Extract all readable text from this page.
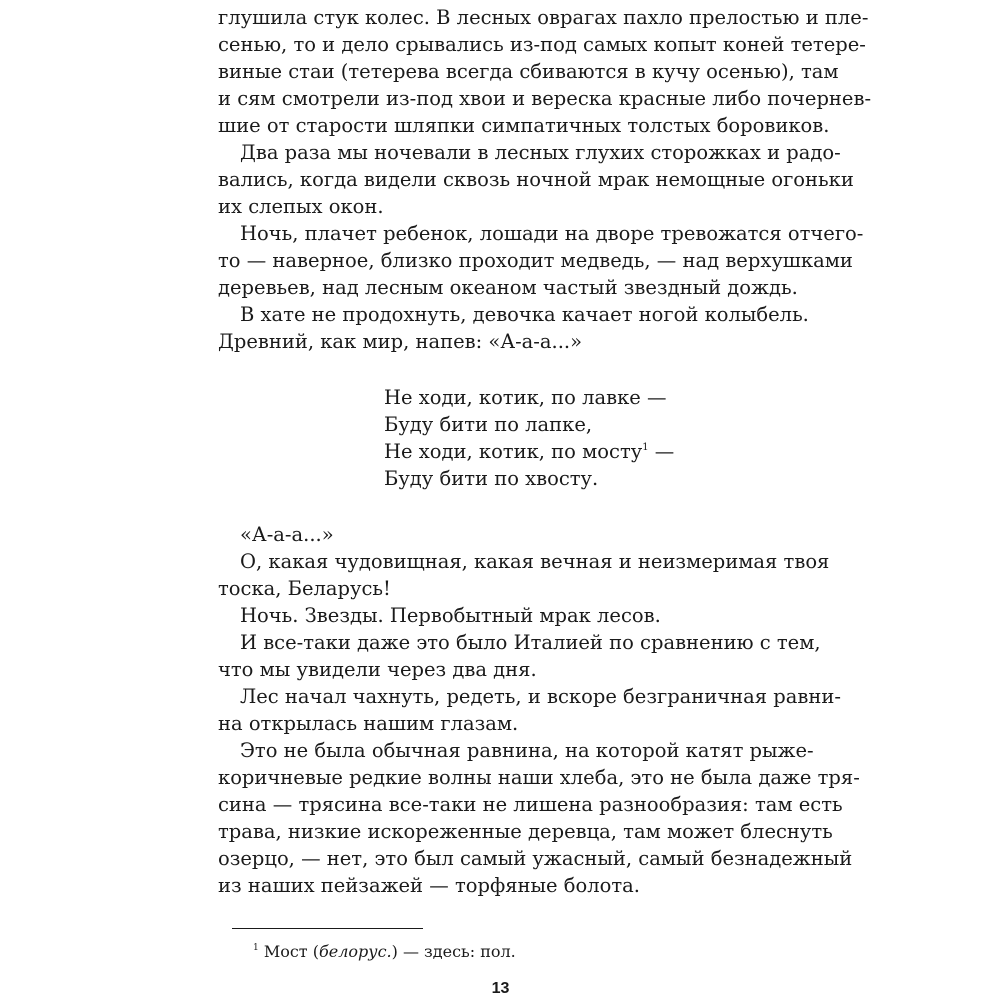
глушила стук колес. В лесных оврагах пахло прелостью и пле-
сенью, то и дело срывались из-под самых копыт коней тетере-
виные стаи (тетерева всегда сбиваются в кучу осенью), там
и сям смотрели из-под хвои и вереска красные либо почернев-
шие от старости шляпки симпатичных толстых боровиков.
Два раза мы ночевали в лесных глухих сторожках и радо-
вались, когда видели сквозь ночной мрак немощные огоньки
их слепых окон.
Ночь, плачет ребенок, лошади на дворе тревожатся отчего-
то — наверное, близко проходит медведь, — над верхушками
деревьев, над лесным океаном частый звездный дождь.
В хате не продохнуть, девочка качает ногой колыбель.
Древний, как мир, напев: «А-а-а...»
Не ходи, котик, по лавке —
Буду бити по лапке,
Не ходи, котик, по мосту$^1$ —
Буду бити по хвосту.
«А-а-а...»
О, какая чудовищная, какая вечная и неизмеримая твоя
тоска, Беларусь!
Ночь. Звезды. Первобытный мрак лесов.
И все-таки даже это было Италией по сравнению с тем,
что мы увидели через два дня.
Лес начал чахнуть, редеть, и вскоре безграничная равни-
на открылась нашим глазам.
Это не была обычная равнина, на которой катят рыже-
коричневые редкие волны наши хлеба, это не была даже тря-
сина — трясина все-таки не лишена разнообразия: там есть
трава, низкие искореженные деревца, там может блеснуть
озерцо, — нет, это был самый ужасный, самый безнадежный
из наших пейзажей — торфяные болота.
$^1$ Мост (белорус.) — здесь: пол.
13
